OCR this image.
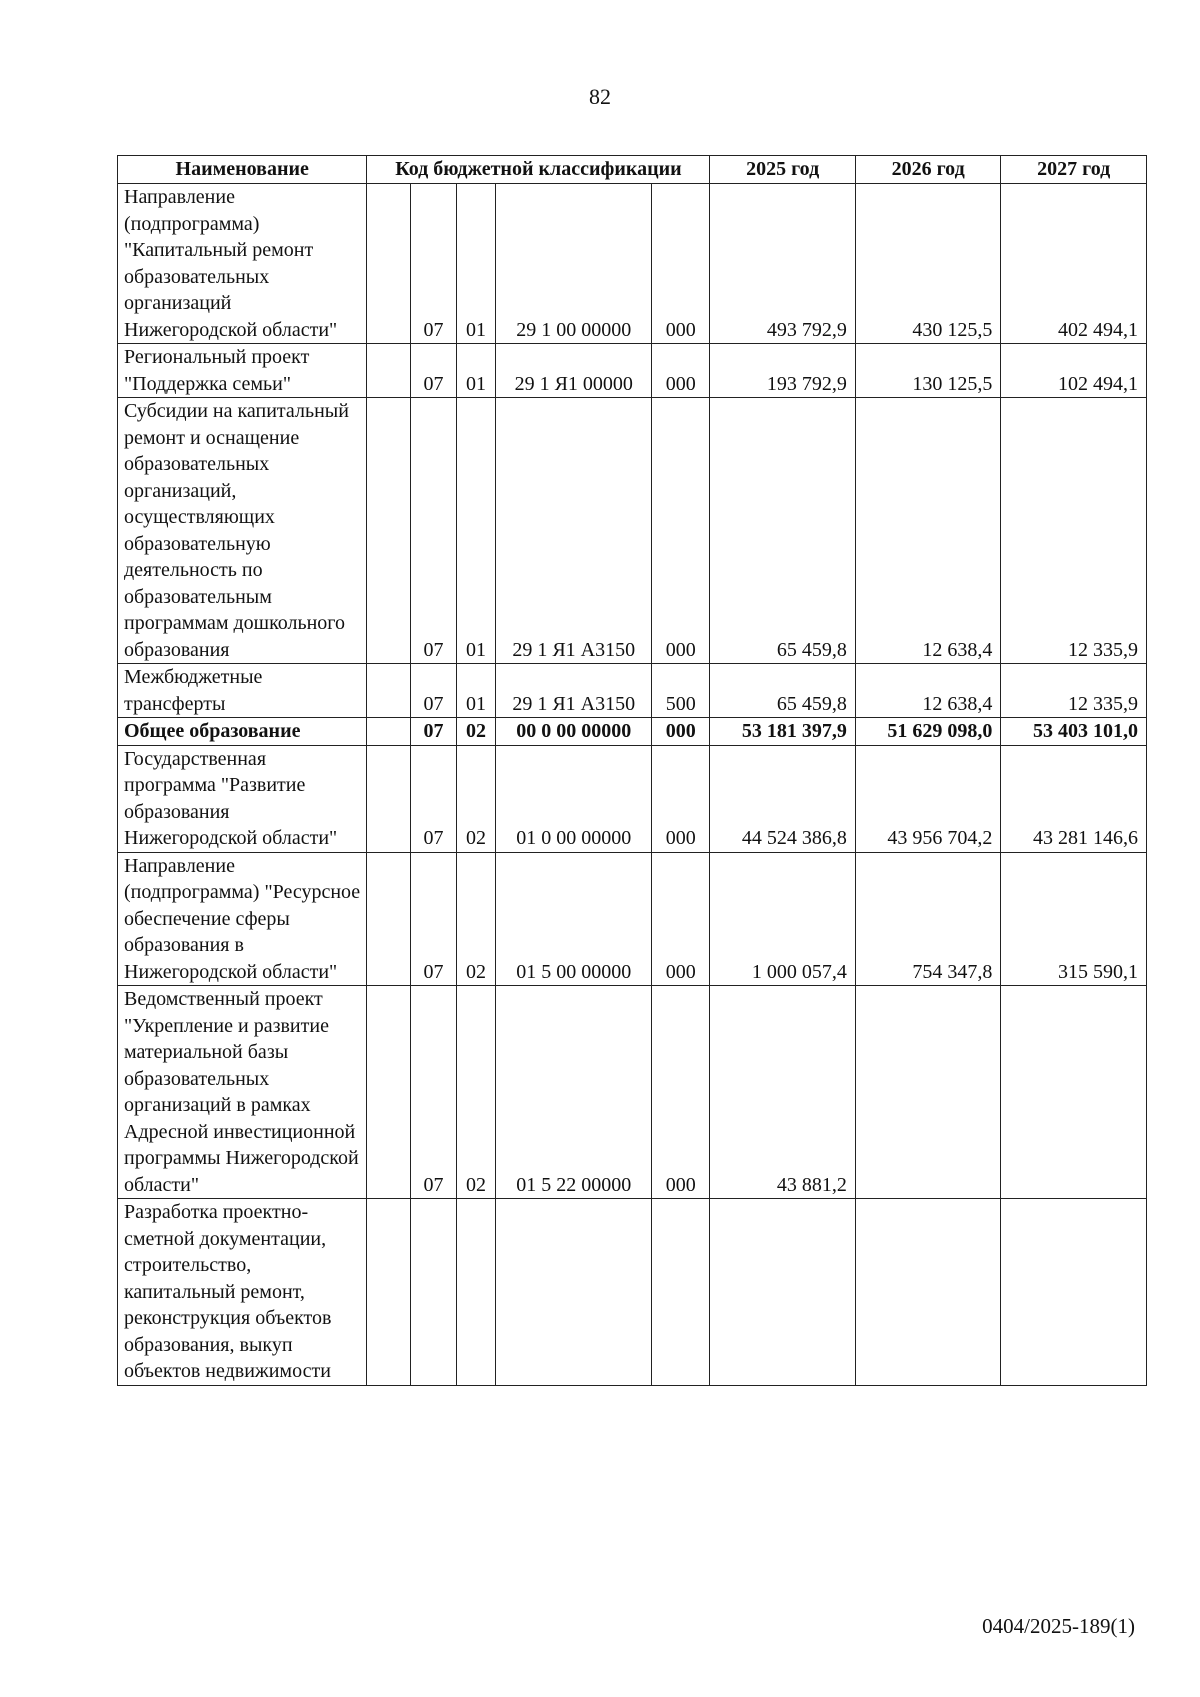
82
Наименование	Код бюджетной классификации					2025 год	2026 год	2027 год
Направление (подпрограмма) "Капитальный ремонт образовательных организаций Нижегородской области"		07	01	29 1 00 00000	000	493 792,9	430 125,5	402 494,1
Региональный проект "Поддержка семьи"		07	01	29 1 Я1 00000	000	193 792,9	130 125,5	102 494,1
Субсидии на капитальный ремонт и оснащение образовательных организаций, осуществляющих образовательную деятельность по образовательным программам дошкольного образования		07	01	29 1 Я1 А3150	000	65 459,8	12 638,4	12 335,9
Межбюджетные трансферты		07	01	29 1 Я1 А3150	500	65 459,8	12 638,4	12 335,9
Общее образование		07	02	00 0 00 00000	000	53 181 397,9	51 629 098,0	53 403 101,0
Государственная программа "Развитие образования Нижегородской области"		07	02	01 0 00 00000	000	44 524 386,8	43 956 704,2	43 281 146,6
Направление (подпрограмма) "Ресурсное обеспечение сферы образования в Нижегородской области"		07	02	01 5 00 00000	000	1 000 057,4	754 347,8	315 590,1
Ведомственный проект "Укрепление и развитие материальной базы образовательных организаций в рамках Адресной инвестиционной программы Нижегородской области"		07	02	01 5 22 00000	000	43 881,2		
Разработка проектно-сметной документации, строительство, капитальный ремонт, реконструкция объектов образования, выкуп объектов недвижимости								
0404/2025-189(1)
